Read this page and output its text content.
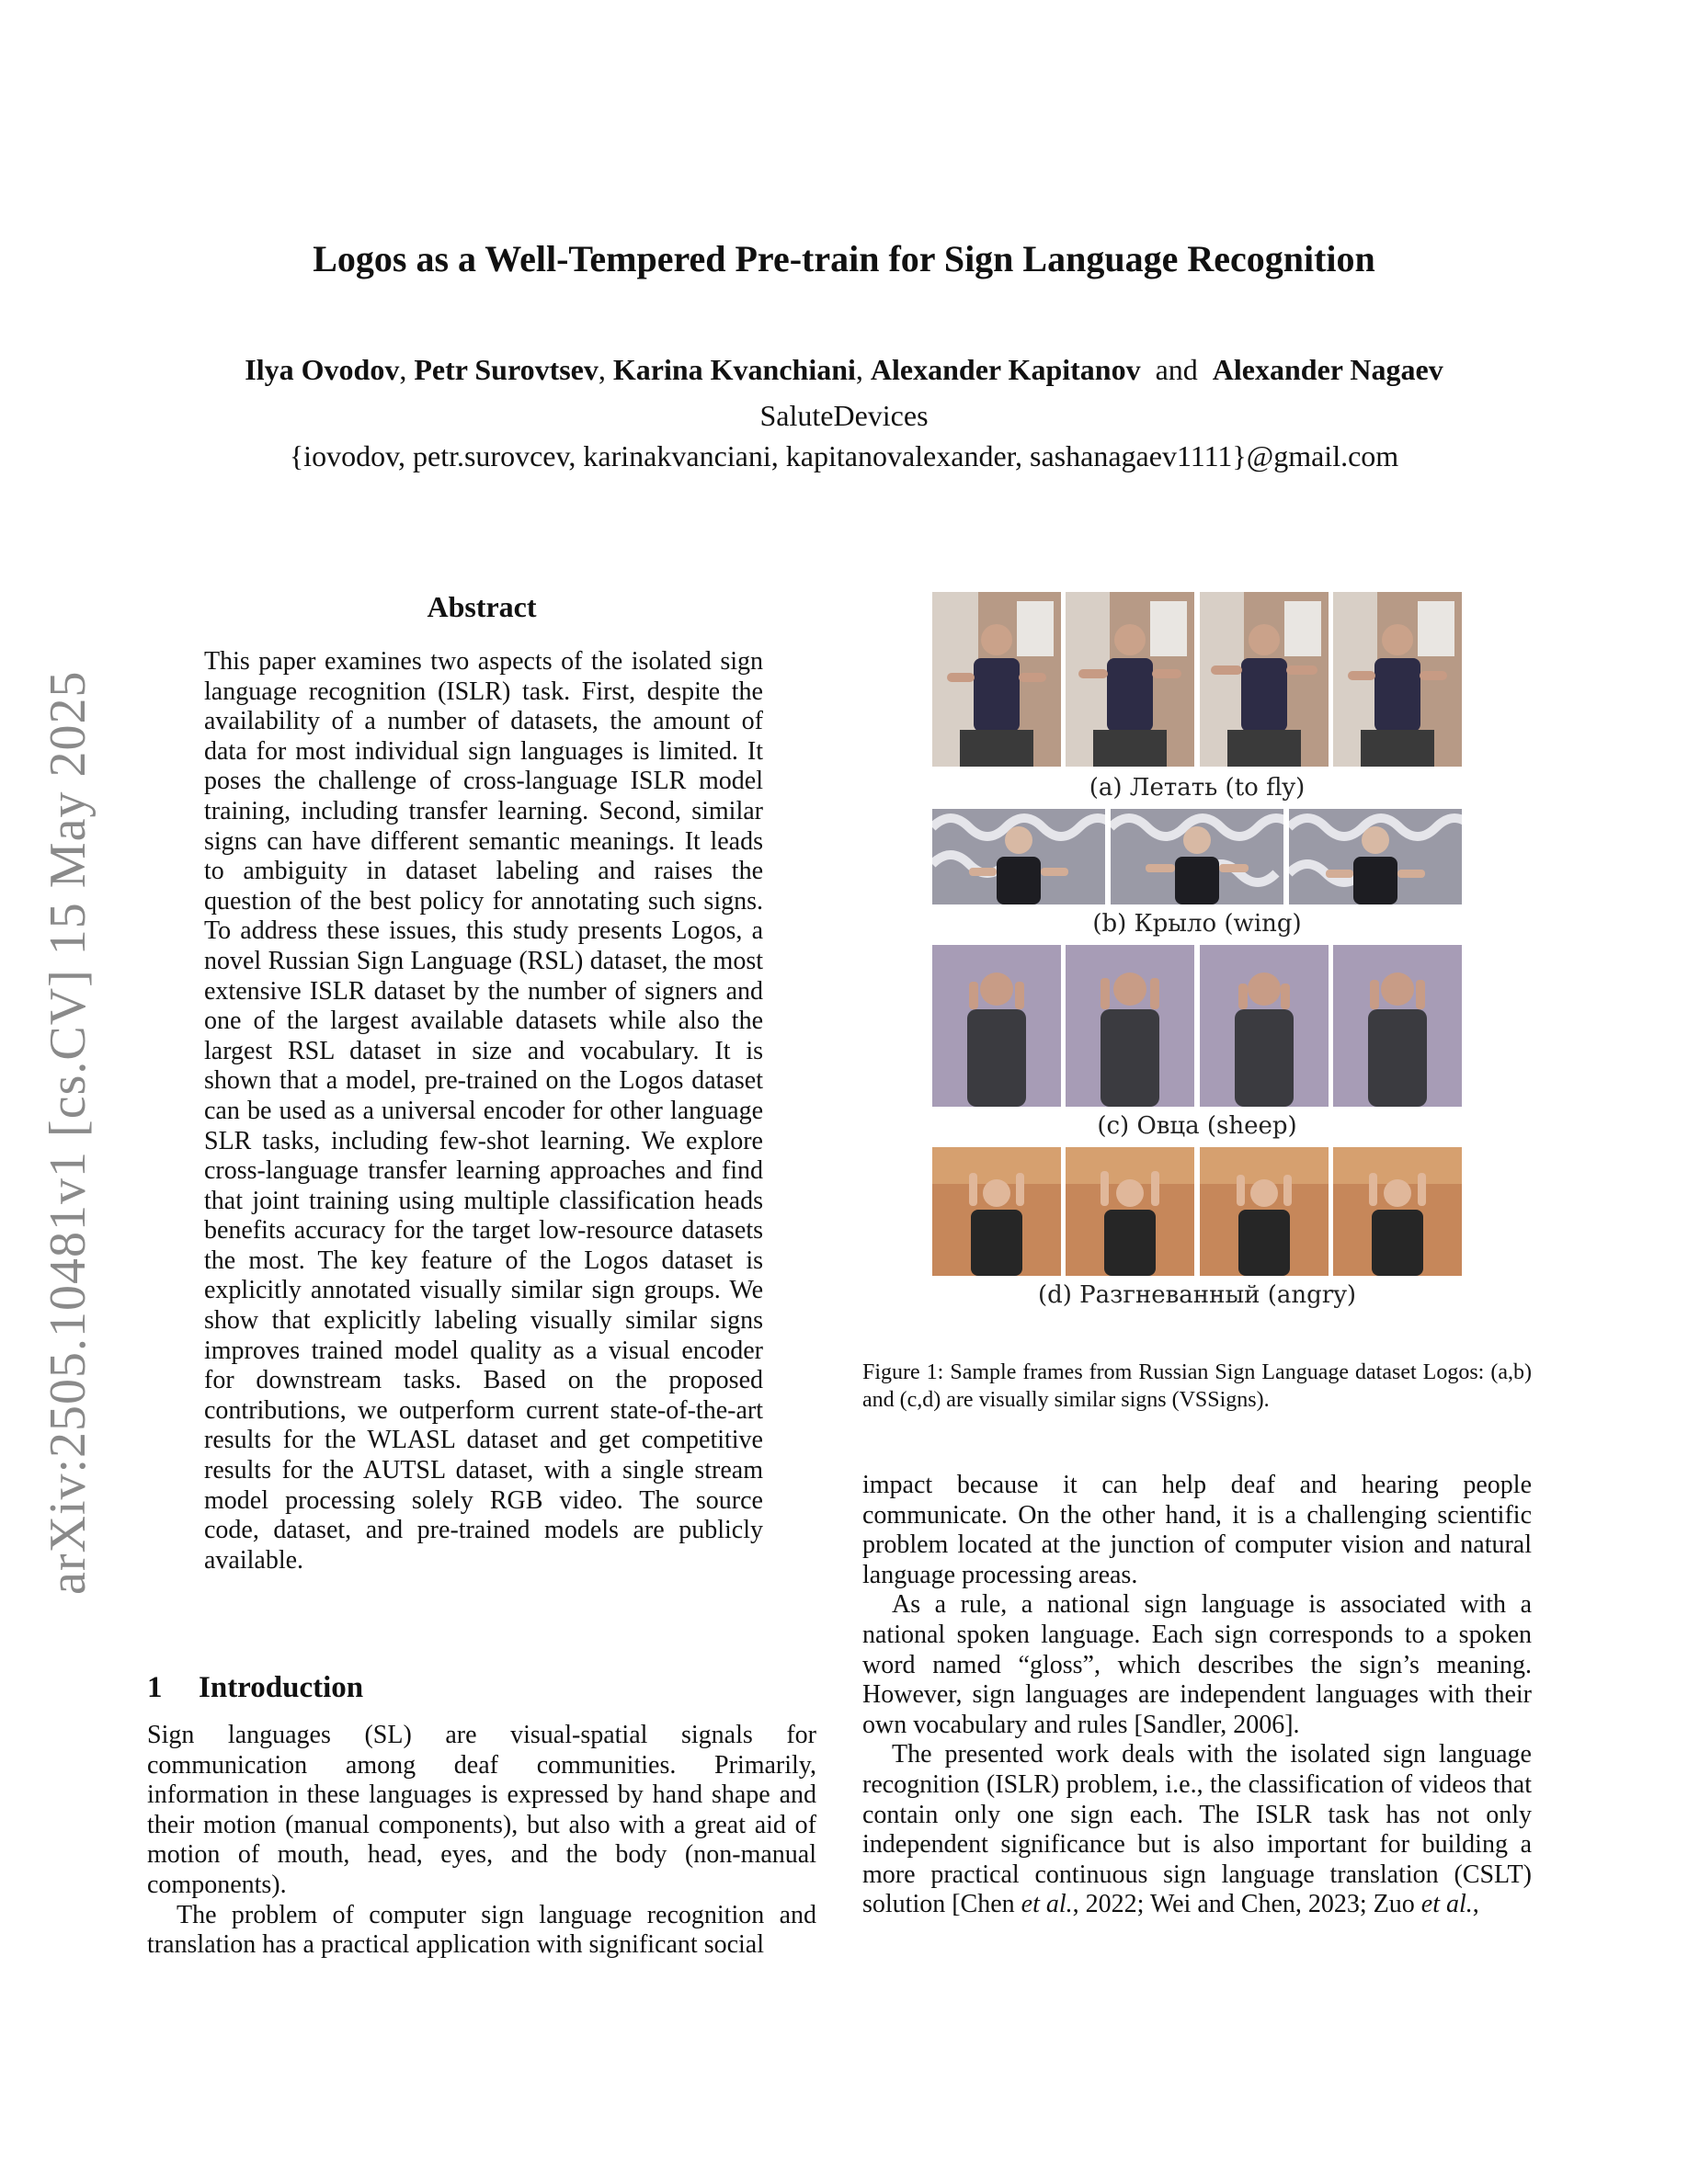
arXiv:2505.10481v1 [cs.CV] 15 May 2025
Logos as a Well-Tempered Pre-train for Sign Language Recognition
Ilya Ovodov, Petr Surovtsev, Karina Kvanchiani, Alexander Kapitanov and Alexander Nagaev
SaluteDevices
{iovodov, petr.surovcev, karinakvanciani, kapitanovalexander, sashanagaev1111}@gmail.com
Abstract

This paper examines two aspects of the isolated sign language recognition (ISLR) task. First, despite the availability of a number of datasets, the amount of data for most individual sign languages is limited. It poses the challenge of cross-language ISLR model training, including transfer learning. Second, similar signs can have different semantic meanings. It leads to ambiguity in dataset labeling and raises the question of the best policy for annotating such signs. To address these issues, this study presents Logos, a novel Russian Sign Language (RSL) dataset, the most extensive ISLR dataset by the number of signers and one of the largest available datasets while also the largest RSL dataset in size and vocabulary. It is shown that a model, pre-trained on the Logos dataset can be used as a universal encoder for other language SLR tasks, including few-shot learning. We explore cross-language transfer learning approaches and find that joint training using multiple classification heads benefits accuracy for the target low-resource datasets the most. The key feature of the Logos dataset is explicitly annotated visually similar sign groups. We show that explicitly labeling visually similar signs improves trained model quality as a visual encoder for downstream tasks. Based on the proposed contributions, we outperform current state-of-the-art results for the WLASL dataset and get competitive results for the AUTSL dataset, with a single stream model processing solely RGB video. The source code, dataset, and pre-trained models are publicly available.

1 Introduction

Sign languages (SL) are visual-spatial signals for communication among deaf communities. Primarily, information in these languages is expressed by hand shape and their motion (manual components), but also with a great aid of motion of mouth, head, eyes, and the body (non-manual components).

The problem of computer sign language recognition and translation has a practical application with significant social

(a) Летать (to fly)
(b) Крыло (wing)
(c) Овца (sheep)
(d) Разгневанный (angry)

Figure 1: Sample frames from Russian Sign Language dataset Logos: (a,b) and (c,d) are visually similar signs (VSSigns).

impact because it can help deaf and hearing people communicate. On the other hand, it is a challenging scientific problem located at the junction of computer vision and natural language processing areas.

As a rule, a national sign language is associated with a national spoken language. Each sign corresponds to a spoken word named “gloss”, which describes the sign’s meaning. However, sign languages are independent languages with their own vocabulary and rules [Sandler, 2006].

The presented work deals with the isolated sign language recognition (ISLR) problem, i.e., the classification of videos that contain only one sign each. The ISLR task has not only independent significance but is also important for building a more practical continuous sign language translation (CSLT) solution [Chen et al., 2022; Wei and Chen, 2023; Zuo et al.,
